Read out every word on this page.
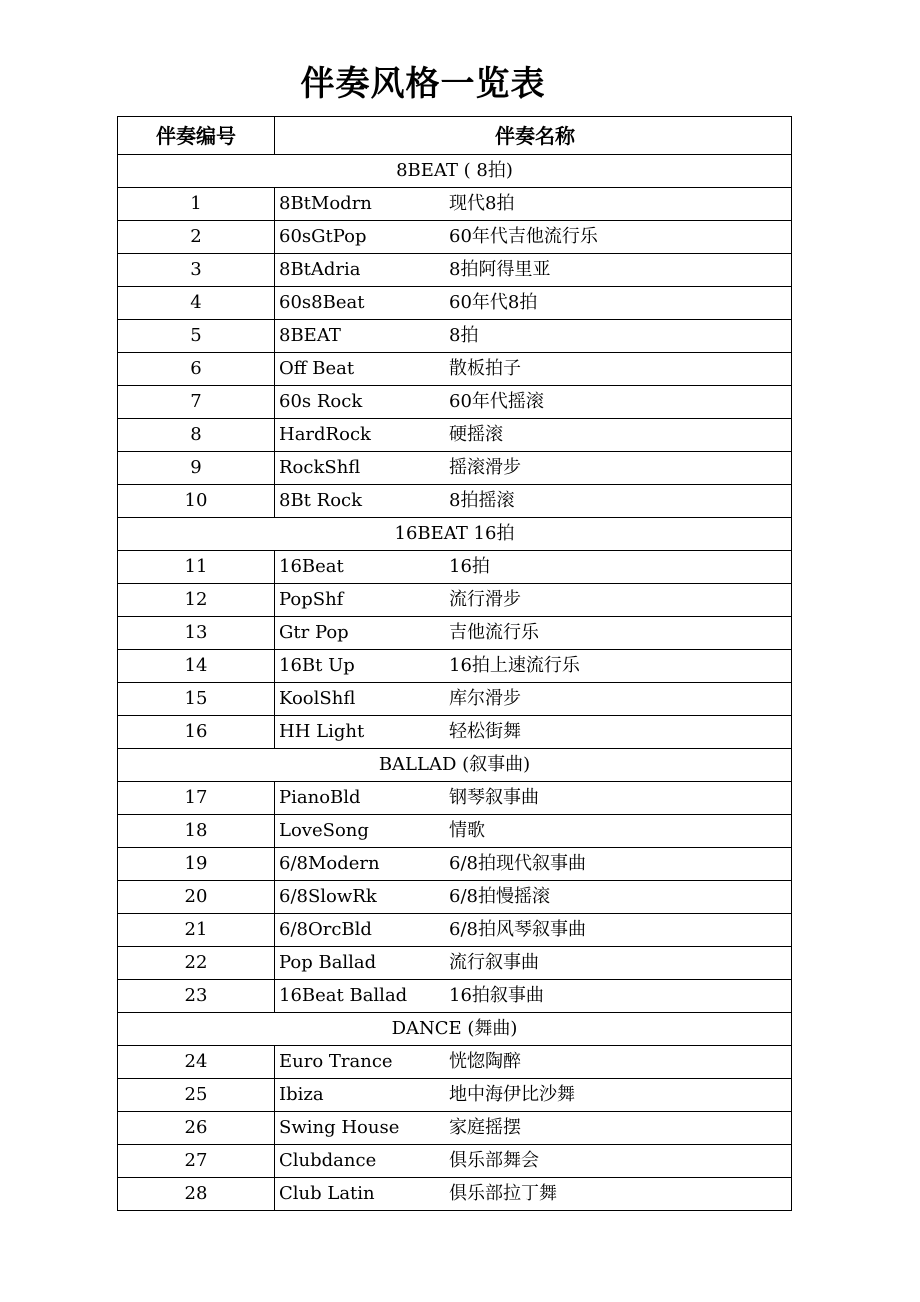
伴奏风格一览表
伴奏编号	伴奏名称
8BEAT ( 8拍)	
1	8BtModrn 现代8拍
2	60sGtPop 60年代吉他流行乐
3	8BtAdria 8拍阿得里亚
4	60s8Beat 60年代8拍
5	8BEAT 8拍
6	Off Beat 散板拍子
7	60s Rock 60年代摇滚
8	HardRock 硬摇滚
9	RockShfl 摇滚滑步
10	8Bt Rock 8拍摇滚
16BEAT 16拍	
11	16Beat 16拍
12	PopShf 流行滑步
13	Gtr Pop 吉他流行乐
14	16Bt Up 16拍上速流行乐
15	KoolShfl 库尔滑步
16	HH Light 轻松街舞
BALLAD (叙事曲)	
17	PianoBld 钢琴叙事曲
18	LoveSong 情歌
19	6/8Modern 6/8拍现代叙事曲
20	6/8SlowRk 6/8拍慢摇滚
21	6/8OrcBld 6/8拍风琴叙事曲
22	Pop Ballad 流行叙事曲
23	16Beat Ballad 16拍叙事曲
DANCE (舞曲)	
24	Euro Trance 恍惚陶醉
25	Ibiza 地中海伊比沙舞
26	Swing House 家庭摇摆
27	Clubdance 俱乐部舞会
28	Club Latin 俱乐部拉丁舞
